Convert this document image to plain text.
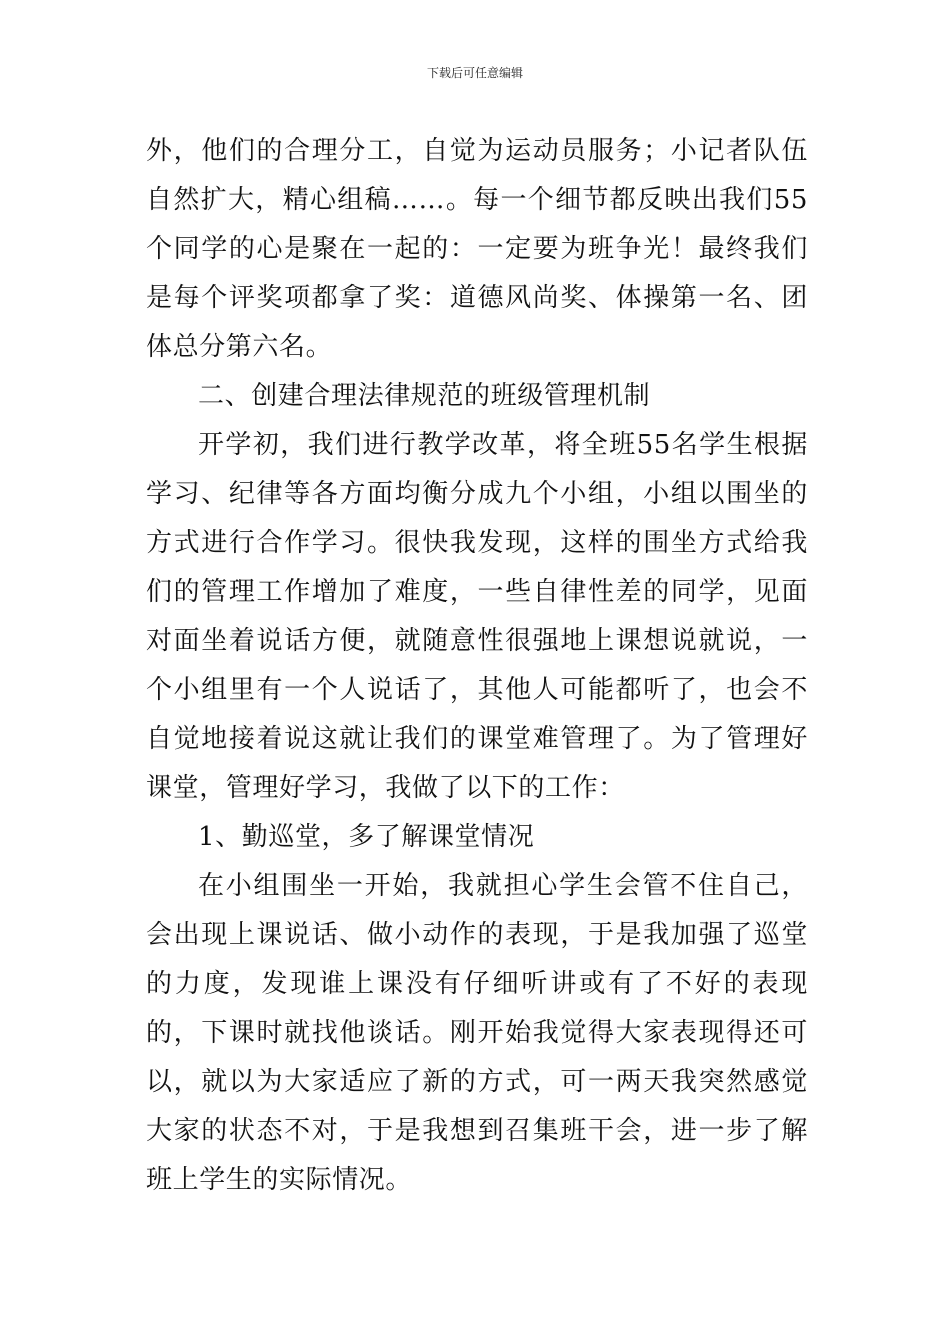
下载后可任意编辑

外，他们的合理分工，自觉为运动员服务；小记者队伍自然扩大，精心组稿……。每一个细节都反映出我们55个同学的心是聚在一起的：一定要为班争光！最终我们是每个评奖项都拿了奖：道德风尚奖、体操第一名、团体总分第六名。

二、创建合理法律规范的班级管理机制

开学初，我们进行教学改革，将全班55名学生根据学习、纪律等各方面均衡分成九个小组，小组以围坐的方式进行合作学习。很快我发现，这样的围坐方式给我们的管理工作增加了难度，一些自律性差的同学，见面对面坐着说话方便，就随意性很强地上课想说就说，一个小组里有一个人说话了，其他人可能都听了，也会不自觉地接着说这就让我们的课堂难管理了。为了管理好课堂，管理好学习，我做了以下的工作：

1、勤巡堂，多了解课堂情况

在小组围坐一开始，我就担心学生会管不住自己，会出现上课说话、做小动作的表现，于是我加强了巡堂的力度，发现谁上课没有仔细听讲或有了不好的表现的，下课时就找他谈话。刚开始我觉得大家表现得还可以，就以为大家适应了新的方式，可一两天我突然感觉大家的状态不对，于是我想到召集班干会，进一步了解班上学生的实际情况。
